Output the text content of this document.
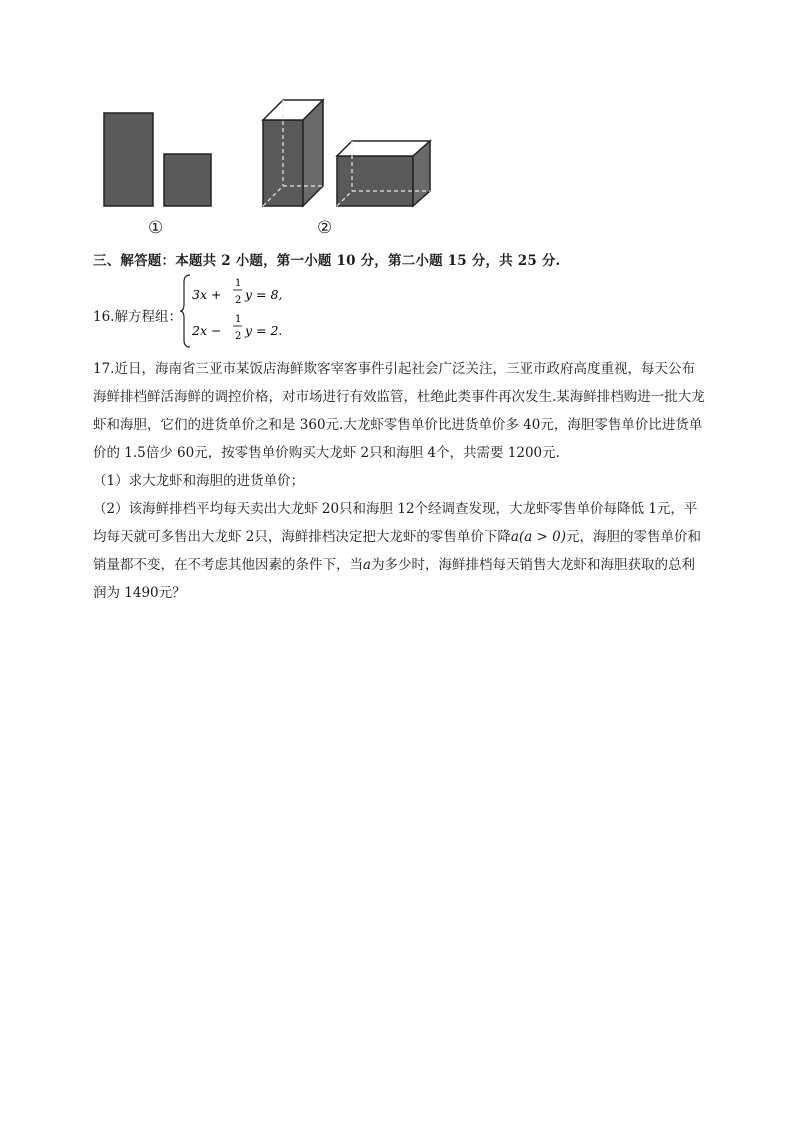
①	②
三、解答题：本题共 2 小题，第一小题 10 分，第二小题 15 分，共 25 分.
16.解方程组：
3x +
1
2 y = 8,
2x −
1
2 y = 2.

17.近日，海南省三亚市某饭店海鲜欺客宰客事件引起社会广泛关注，三亚市政府高度重视，每天公布海鲜排档鲜活海鲜的调控价格，对市场进行有效监管，杜绝此类事件再次发生.某海鲜排档购进一批大龙虾和海胆，它们的进货单价之和是 360元.大龙虾零售单价比进货单价多 40元，海胆零售单价比进货单价的 1.5倍少 60元，按零售单价购买大龙虾 2只和海胆 4个，共需要 1200元.

（1）求大龙虾和海胆的进货单价；

（2）该海鲜排档平均每天卖出大龙虾 20只和海胆 12个经调查发现，大龙虾零售单价每降低 1元，平均每天就可多售出大龙虾 2只，海鲜排档决定把大龙虾的零售单价下降a(a > 0)元，海胆的零售单价和销量都不变，在不考虑其他因素的条件下，当a为多少时，海鲜排档每天销售大龙虾和海胆获取的总利润为 1490元？
